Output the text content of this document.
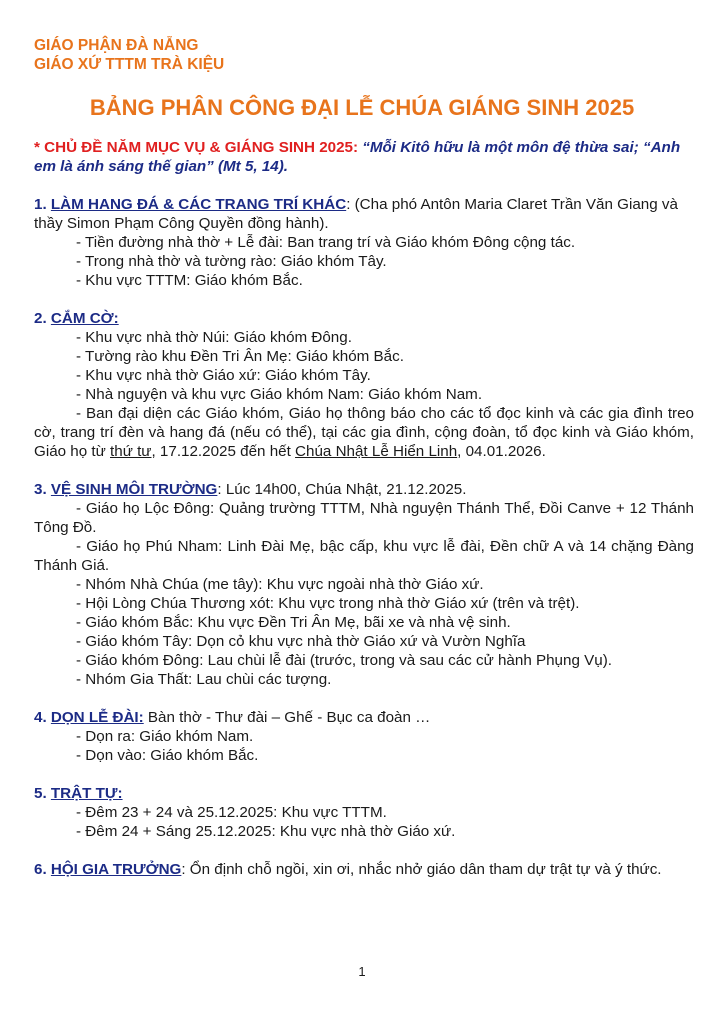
GIÁO PHẬN ĐÀ NẴNG
GIÁO XỨ TTTM TRÀ KIỆU
BẢNG PHÂN CÔNG ĐẠI LỄ CHÚA GIÁNG SINH 2025
* CHỦ ĐỀ NĂM MỤC VỤ & GIÁNG SINH 2025: “Mỗi Kitô hữu là một môn đệ thừa sai; “Anh em là ánh sáng thế gian” (Mt 5, 14).
1. LÀM HANG ĐÁ & CÁC TRANG TRÍ KHÁC: (Cha phó Antôn Maria Claret Trần Văn Giang và thầy Simon Phạm Công Quyền đồng hành).
- Tiền đường nhà thờ + Lễ đài: Ban trang trí và Giáo khóm Đông cộng tác.
- Trong nhà thờ và tường rào: Giáo khóm Tây.
- Khu vực TTTM: Giáo khóm Bắc.
2. CẮM CỜ:
- Khu vực nhà thờ Núi: Giáo khóm Đông.
- Tường rào khu Đền Tri Ân Mẹ: Giáo khóm Bắc.
- Khu vực nhà thờ Giáo xứ: Giáo khóm Tây.
- Nhà nguyện và khu vực Giáo khóm Nam: Giáo khóm Nam.
- Ban đại diện các Giáo khóm, Giáo họ thông báo cho các tổ đọc kinh và các gia đình treo cờ, trang trí đèn và hang đá (nếu có thể), tại các gia đình, cộng đoàn, tổ đọc kinh và Giáo khóm, Giáo họ từ thứ tư, 17.12.2025 đến hết Chúa Nhật Lễ Hiển Linh, 04.01.2026.
3. VỆ SINH MÔI TRƯỜNG: Lúc 14h00, Chúa Nhật, 21.12.2025.
- Giáo họ Lộc Đông: Quảng trường TTTM, Nhà nguyện Thánh Thể, Đồi Canve + 12 Thánh Tông Đồ.
- Giáo họ Phú Nham: Linh Đài Mẹ, bậc cấp, khu vực lễ đài, Đền chữ A và 14 chặng Đàng Thánh Giá.
- Nhóm Nhà Chúa (me tây): Khu vực ngoài nhà thờ Giáo xứ.
- Hội Lòng Chúa Thương xót: Khu vực trong nhà thờ Giáo xứ (trên và trệt).
- Giáo khóm Bắc: Khu vực Đền Tri Ân Mẹ, bãi xe và nhà vệ sinh.
- Giáo khóm Tây: Dọn cỏ khu vực nhà thờ Giáo xứ và Vườn Nghĩa
- Giáo khóm Đông: Lau chùi lễ đài (trước, trong và sau các cử hành Phụng Vụ).
- Nhóm Gia Thất: Lau chùi các tượng.
4. DỌN LỄ ĐÀI: Bàn thờ - Thư đài – Ghế - Bục ca đoàn …
- Dọn ra: Giáo khóm Nam.
- Dọn vào: Giáo khóm Bắc.
5. TRẬT TỰ:
- Đêm 23 + 24 và 25.12.2025: Khu vực TTTM.
- Đêm 24 + Sáng 25.12.2025: Khu vực nhà thờ Giáo xứ.
6. HỘI GIA TRƯỞNG: Ổn định chỗ ngồi, xin ơi, nhắc nhở giáo dân tham dự trật tự và ý thức.
1
